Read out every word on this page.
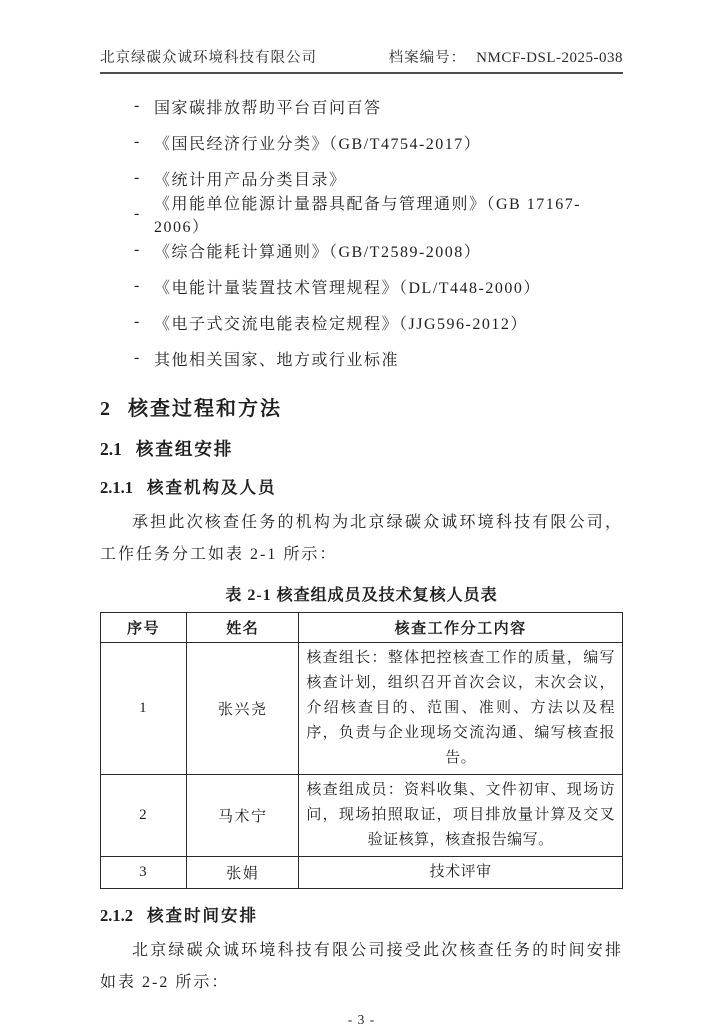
北京绿碳众诚环境科技有限公司	档案编号： NMCF-DSL-2025-038
- 国家碳排放帮助平台百问百答
- 《国民经济行业分类》（GB/T4754-2017）
- 《统计用产品分类目录》
-
《用能单位能源计量器具配备与管理通则》（GB 17167-2006）
- 《综合能耗计算通则》（GB/T2589-2008）
- 《电能计量装置技术管理规程》（DL/T448-2000）
- 《电子式交流电能表检定规程》（JJG596-2012）
- 其他相关国家、地方或行业标准
2 核查过程和方法
2.1 核查组安排
2.1.1 核查机构及人员

承担此次核查任务的机构为北京绿碳众诚环境科技有限公司，工作任务分工如表 2-1 所示：

表 2-1 核查组成员及技术复核人员表
序号	姓名	核查工作分工内容
1	张兴尧	核查组长：整体把控核查工作的质量，编写核查计划，组织召开首次会议，末次会议，介绍核查目的、范围、准则、方法以及程序，负责与企业现场交流沟通、编写核查报告。
2	马术宁	核查组成员：资料收集、文件初审、现场访问，现场拍照取证，项目排放量计算及交叉验证核算，核查报告编写。
3	张娟	技术评审
2.1.2 核查时间安排

北京绿碳众诚环境科技有限公司接受此次核查任务的时间安排如表 2-2 所示：

- 3 -
